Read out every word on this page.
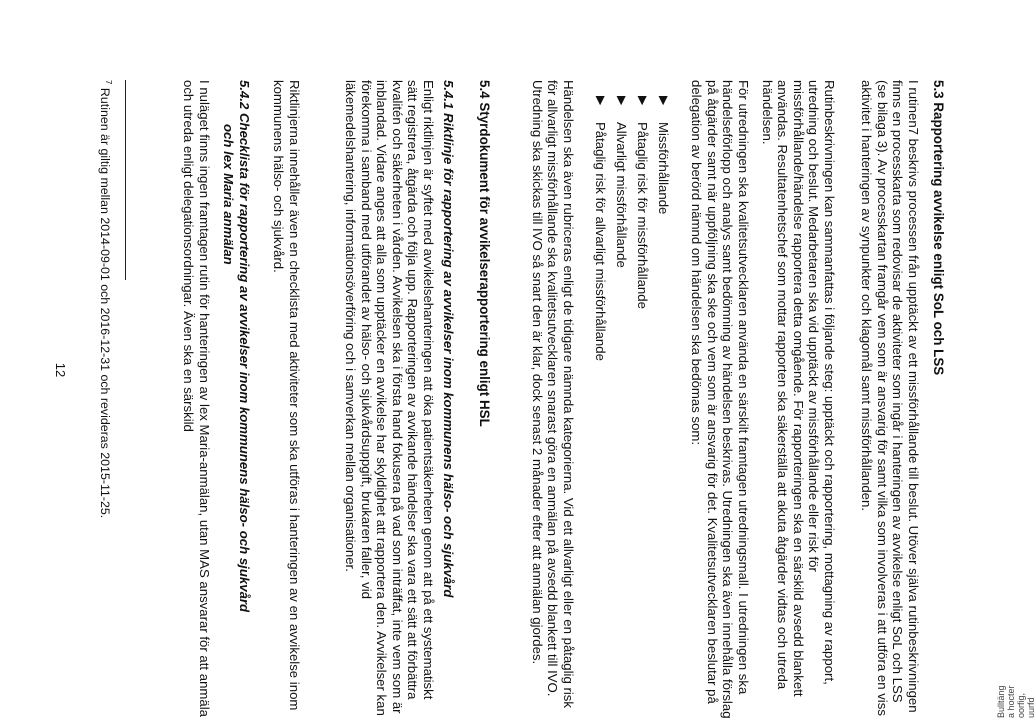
Bulltäng a hocter oorfig, uurfd
5.3 Rapportering avvikelse enligt SoL och LSS

I rutinen7 beskrivs processen från upptäckt av ett missförhållande till beslut. Utöver själva rutinbeskrivningen finns en processkarta som redovisar de aktiviteter som ingår i hanteringen av avvikelse enligt SoL och LSS (se bilaga 3). Av processkartan framgår vem som är ansvarig för samt vilka som involveras i att utföra en viss aktivitet i hanteringen av synpunkter och klagomål samt missförhållanden.

Rutinbeskrivningen kan sammanfattas i följande steg: upptäckt och rapportering, mottagning av rapport, utredning och beslut. Medarbetaren ska vid upptäckt av missförhållande eller risk för missförhållande/händelse rapportera detta omgående. För rapporteringen ska en särskild avsedd blankett användas. Resultatenhetschef som mottar rapporten ska säkerställa att akuta åtgärder vidtas och utreda händelsen.

För utredningen ska kvalitetsutvecklaren använda en särskilt framtagen utredningsmall. I utredningen ska händelseförlopp och analys samt bedömning av händelsen beskrivas. Utredningen ska även innehålla förslag på åtgärder samt när uppföljning ska ske och vem som är ansvarig för det. Kvalitetsutvecklaren beslutar på delegation av berörd nämnd om händelsen ska bedömas som:

▶
Missförhållande
▶
Påtaglig risk för missförhållande
▶
Allvarligt missförhållande
▶
Påtaglig risk för allvarligt missförhållande

Händelsen ska även rubriceras enligt de tidigare nämnda kategorierna. Vid ett allvarligt eller en påtaglig risk för allvarligt missförhållande ska kvalitetsutvecklaren snarast göra en anmälan på avsedd blankett till IVO. Utredning ska skickas till IVO så snart den är klar, dock senast 2 månader efter att anmälan gjordes.

5.4 Styrdokument för avvikelserapportering enligt HSL
5.4.1 Riktlinje för rapportering av avvikelser inom kommunens hälso- och sjukvård

Enligt riktlinjen är syftet med avvikelsehanteringen att öka patientsäkerheten genom att på ett systematiskt sätt registrera, åtgärda och följa upp. Rapporteringen av avvikande händelser ska vara ett sätt att förbättra kvalitén och säkerheten i vården. Avvikelsen ska i första hand fokusera på vad som inträffat, inte vem som är inblandad. Vidare anges att alla som upptäcker en avvikelse har skyldighet att rapportera den. Avvikelser kan förekomma i samband med utförandet av hälso- och sjukvårdsuppgift, brukaren faller, vid läkemedelshantering, informationsöverföring och i samverkan mellan organisationer.

Riktlinjerna innehåller även en checklista med aktiviteter som ska utföras i hanteringen av en avvikelse inom kommunens hälso- och sjukvård.

5.4.2 Checklista för rapportering av avvikelser inom kommunens hälso- och sjukvård
och lex Maria anmälan

I nuläget finns ingen framtagen rutin för hanteringen av lex Maria-anmälan, utan MAS ansvarar för att anmäla och utreda enligt delegationsordningar. Även ska en särskild

$^7$ Rutinen är giltig mellan 2014-09-01 och 2016-12-31 och revideras 2015-11-25.
12
